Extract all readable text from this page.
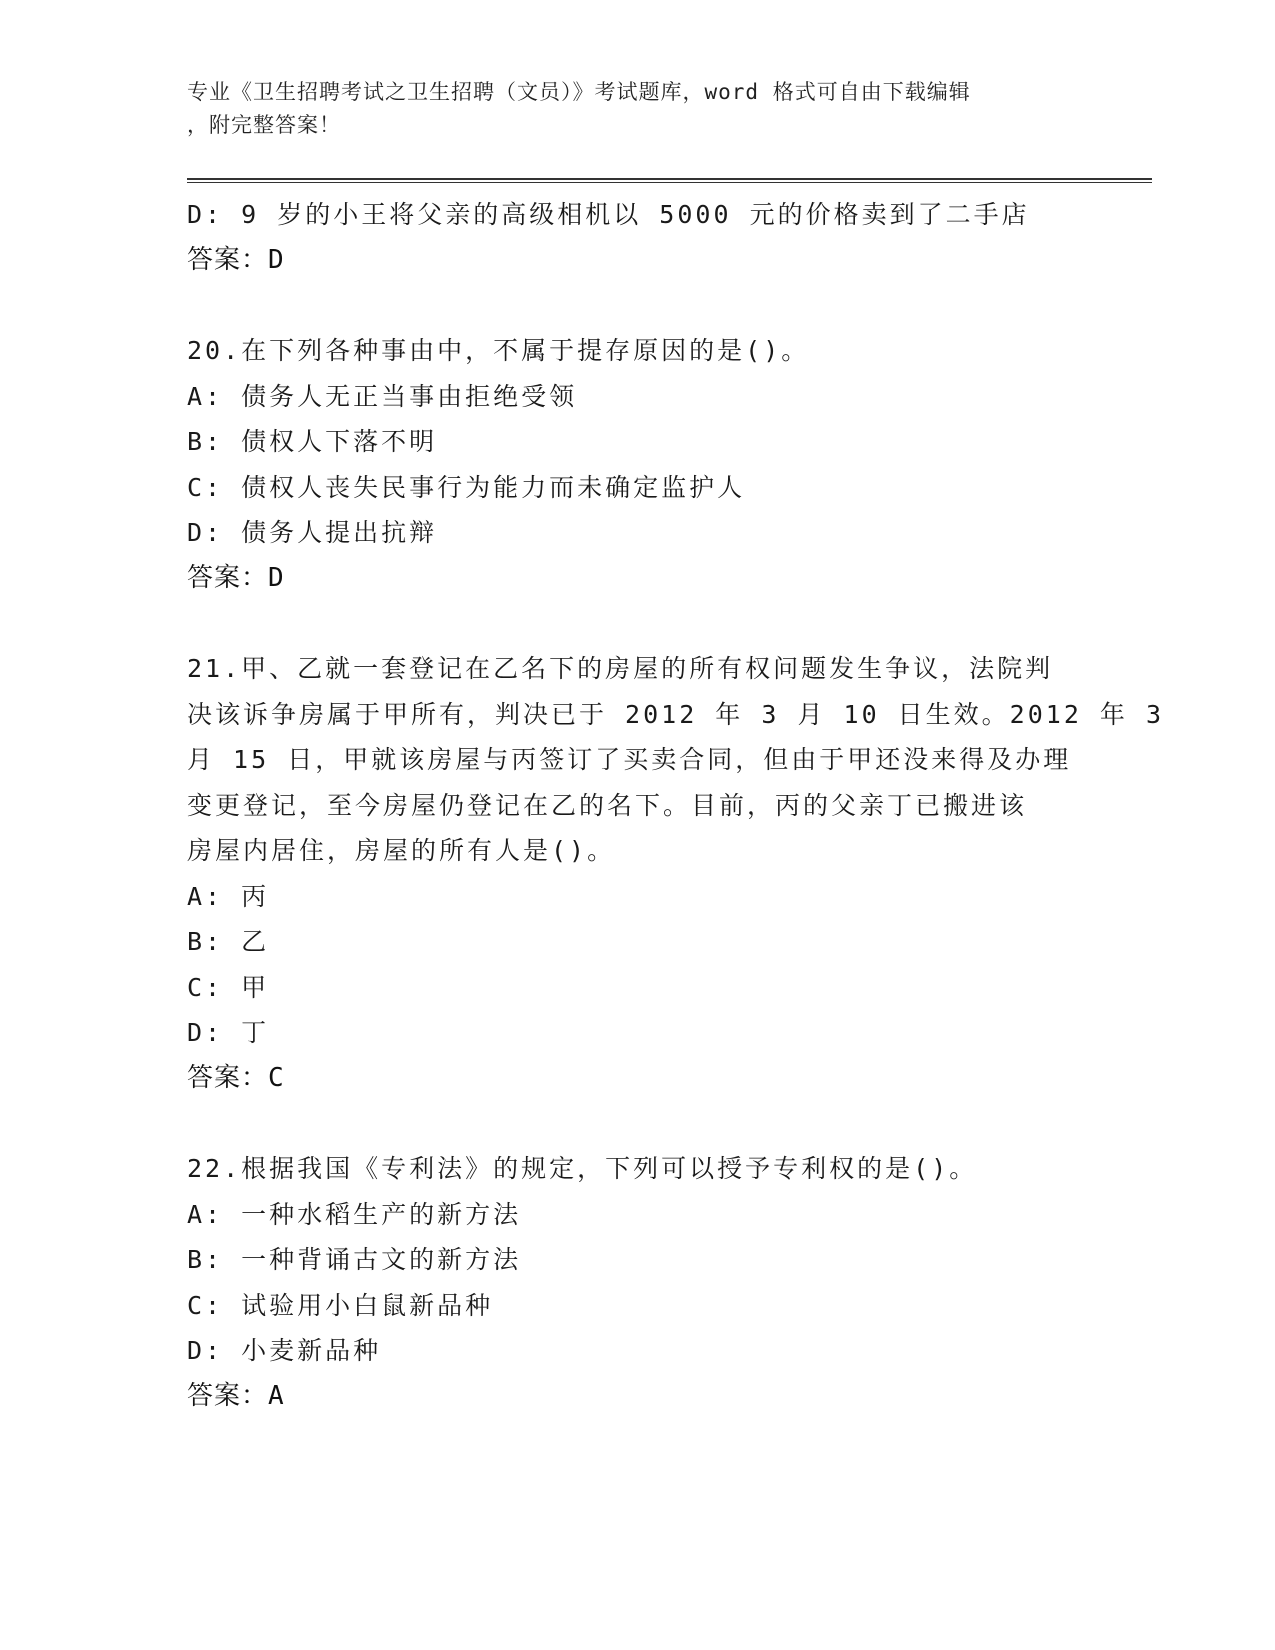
专业《卫生招聘考试之卫生招聘（文员）》考试题库，word 格式可自由下载编辑
，附完整答案！
D: 9 岁的小王将父亲的高级相机以 5000 元的价格卖到了二手店
答案：D
20.在下列各种事由中，不属于提存原因的是()。
A: 债务人无正当事由拒绝受领
B: 债权人下落不明
C: 债权人丧失民事行为能力而未确定监护人
D: 债务人提出抗辩
答案：D
21.甲、乙就一套登记在乙名下的房屋的所有权问题发生争议，法院判
决该诉争房属于甲所有，判决已于 2012 年 3 月 10 日生效。2012 年 3
月 15 日，甲就该房屋与丙签订了买卖合同，但由于甲还没来得及办理
变更登记，至今房屋仍登记在乙的名下。目前，丙的父亲丁已搬进该
房屋内居住，房屋的所有人是()。
A: 丙
B: 乙
C: 甲
D: 丁
答案：C
22.根据我国《专利法》的规定，下列可以授予专利权的是()。
A: 一种水稻生产的新方法
B: 一种背诵古文的新方法
C: 试验用小白鼠新品种
D: 小麦新品种
答案：A
